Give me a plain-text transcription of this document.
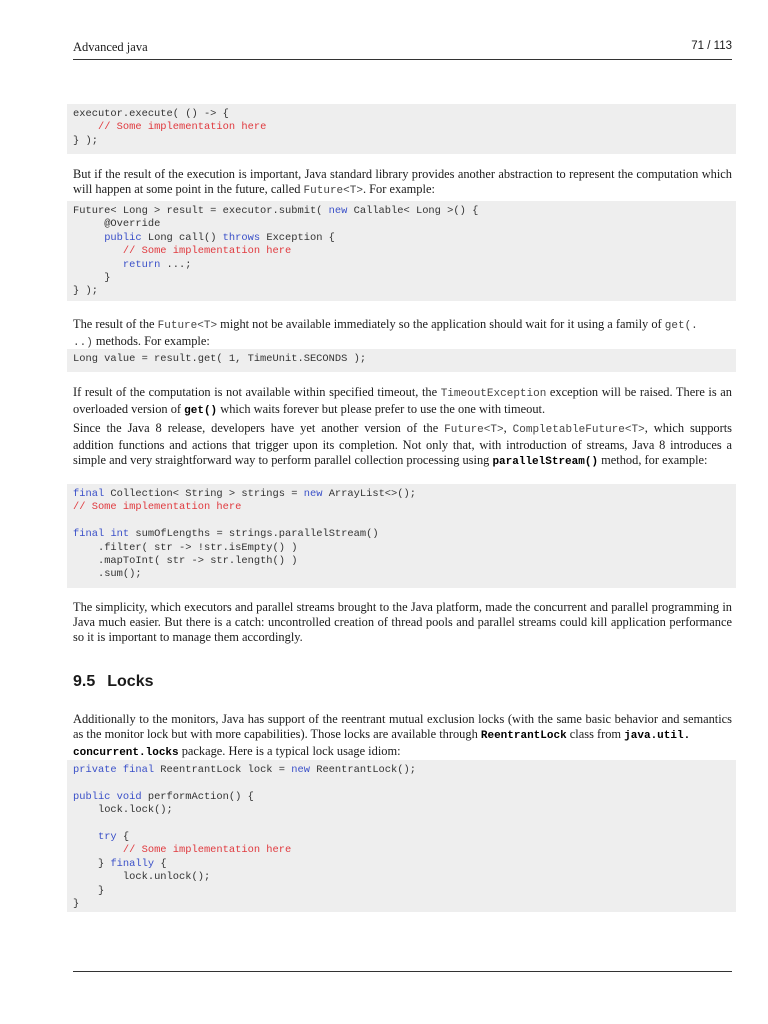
Advanced java	71 / 113
executor.execute( () -> {
// Some implementation here
} );
But if the result of the execution is important, Java standard library provides another abstraction to represent the computation which will happen at some point in the future, called Future<T>. For example:
Future< Long > result = executor.submit( new Callable< Long >() {
@Override
public Long call() throws Exception {
// Some implementation here
return ...;
}
} );
The result of the Future<T> might not be available immediately so the application should wait for it using a family of get(.
..) methods. For example:
Long value = result.get( 1, TimeUnit.SECONDS );
If result of the computation is not available within specified timeout, the TimeoutException exception will be raised. There is an overloaded version of get() which waits forever but please prefer to use the one with timeout.
Since the Java 8 release, developers have yet another version of the Future<T>, CompletableFuture<T>, which supports addition functions and actions that trigger upon its completion. Not only that, with introduction of streams, Java 8 introduces a simple and very straightforward way to perform parallel collection processing using parallelStream() method, for example:
final Collection< String > strings = new ArrayList<>();
// Some implementation here

final int sumOfLengths = strings.parallelStream()
.filter( str -> !str.isEmpty() )
.mapToInt( str -> str.length() )
.sum();
The simplicity, which executors and parallel streams brought to the Java platform, made the concurrent and parallel programming in Java much easier. But there is a catch: uncontrolled creation of thread pools and parallel streams could kill application performance so it is important to manage them accordingly.
9.5 Locks
Additionally to the monitors, Java has support of the reentrant mutual exclusion locks (with the same basic behavior and semantics as the monitor lock but with more capabilities). Those locks are available through ReentrantLock class from java.util.
concurrent.locks package. Here is a typical lock usage idiom:
private final ReentrantLock lock = new ReentrantLock();

public void performAction() {
lock.lock();

try {
// Some implementation here
} finally {
lock.unlock();
}
}
